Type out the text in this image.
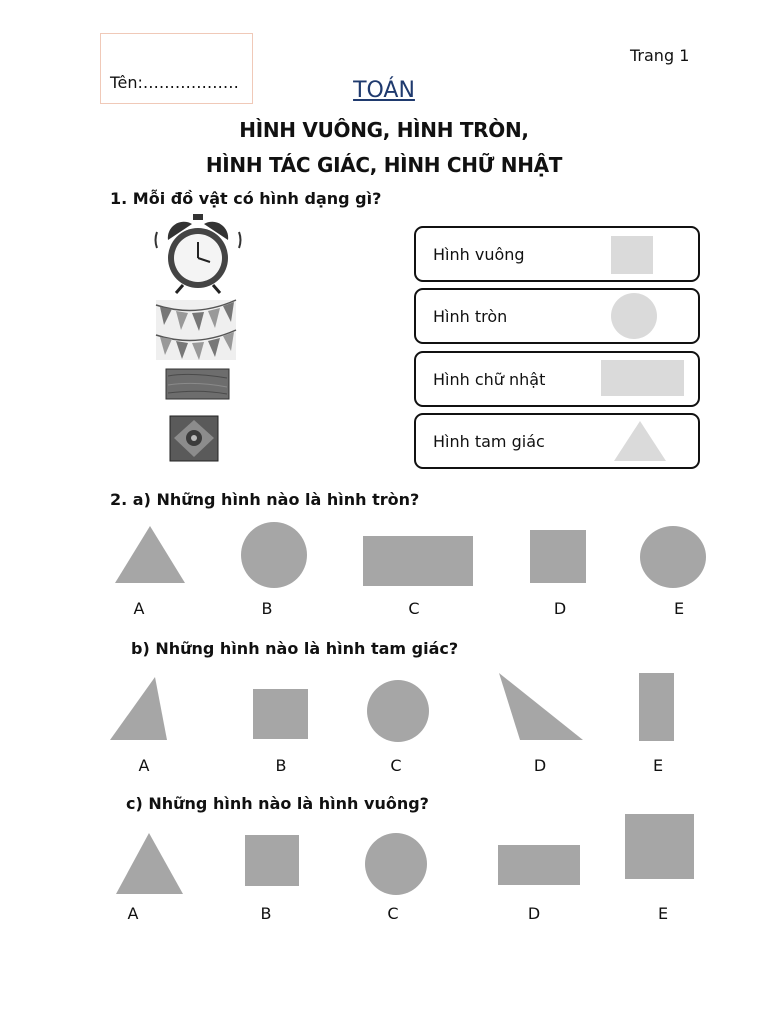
Tên:………………
Trang 1
TOÁN
HÌNH VUÔNG, HÌNH TRÒN,
HÌNH TÁC GIÁC, HÌNH CHỮ NHẬT
1. Mỗi đồ vật có hình dạng gì?
Hình vuông
Hình tròn
Hình chữ nhật
Hình tam giác
2. a) Những hình nào là hình tròn?
A	B	C	D	E
b) Những hình nào là hình tam giác?
A	B	C	D	E
c) Những hình nào là hình vuông?
A	B	C	D	E
